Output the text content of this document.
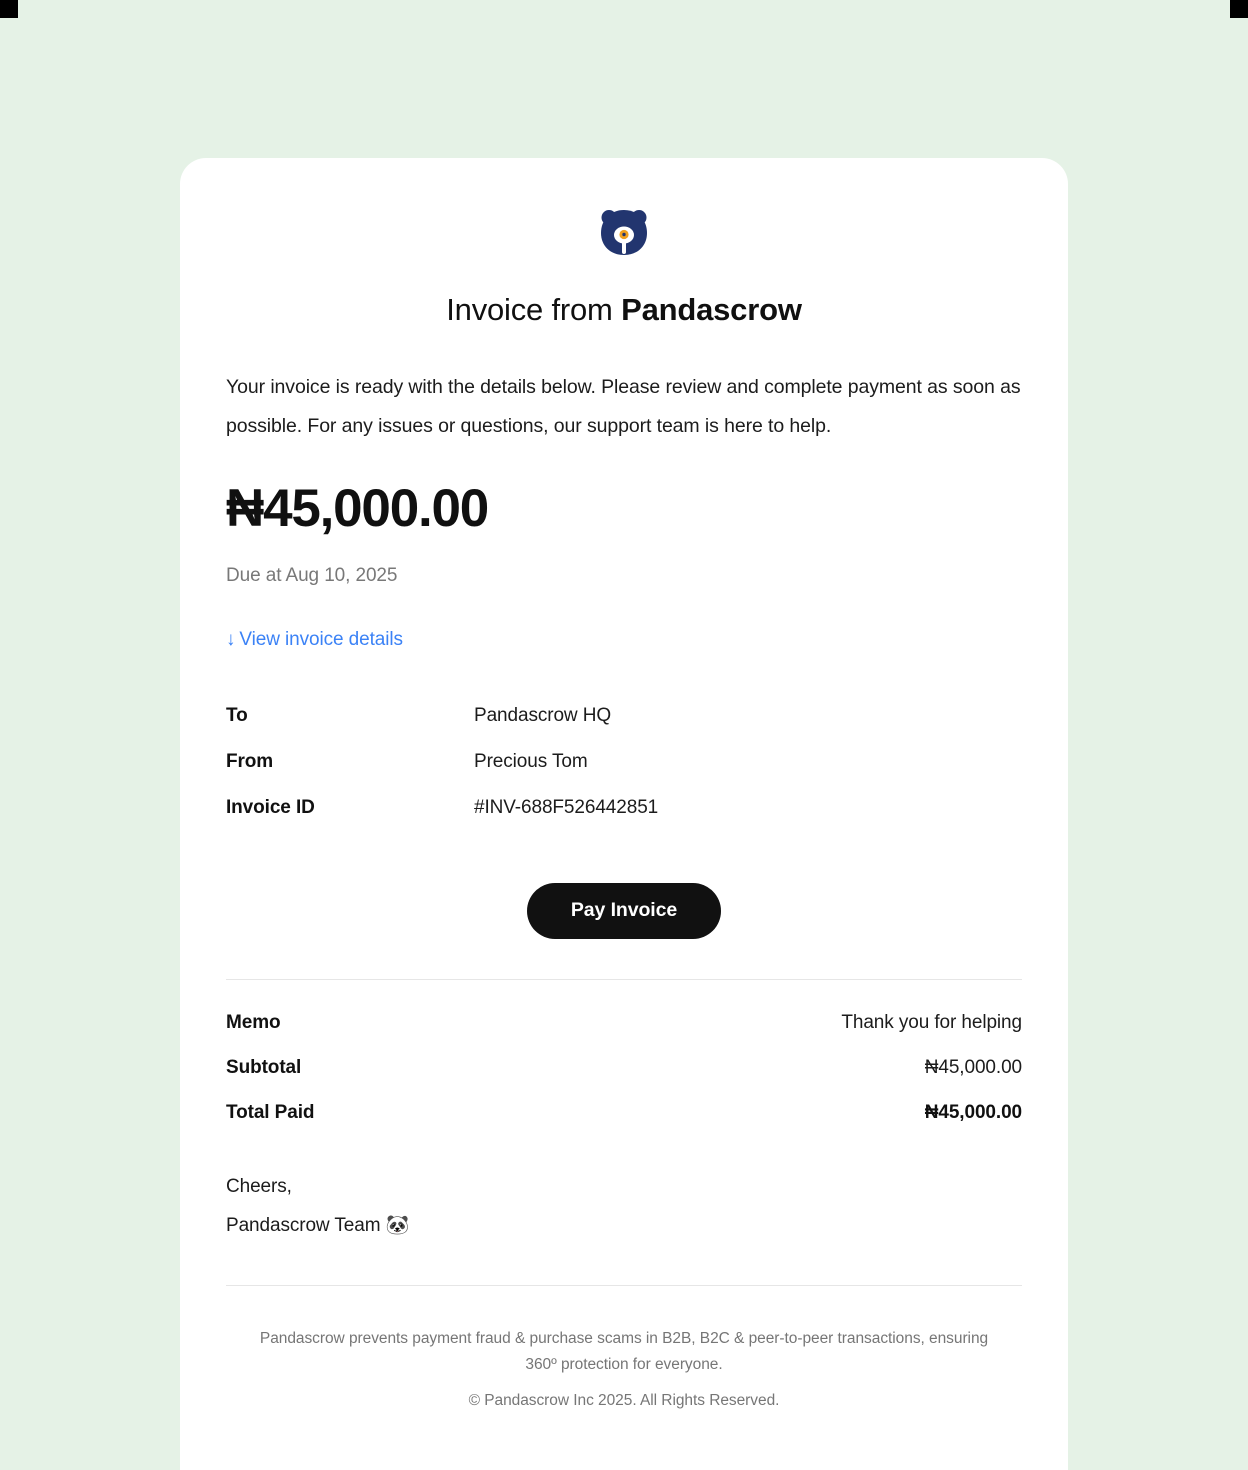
Invoice from Pandascrow

Your invoice is ready with the details below. Please review and complete payment as soon as possible. For any issues or questions, our support team is here to help.

₦45,000.00
Due at Aug 10, 2025
↓ View invoice details
To	Pandascrow HQ
From	Precious Tom
Invoice ID	#INV-688F526442851
Pay Invoice
Memo	Thank you for helping
Subtotal	₦45,000.00
Total Paid	₦45,000.00
Cheers,
Pandascrow Team 🐼

Pandascrow prevents payment fraud & purchase scams in B2B, B2C & peer-to-peer transactions, ensuring 360º protection for everyone.

© Pandascrow Inc 2025. All Rights Reserved.
